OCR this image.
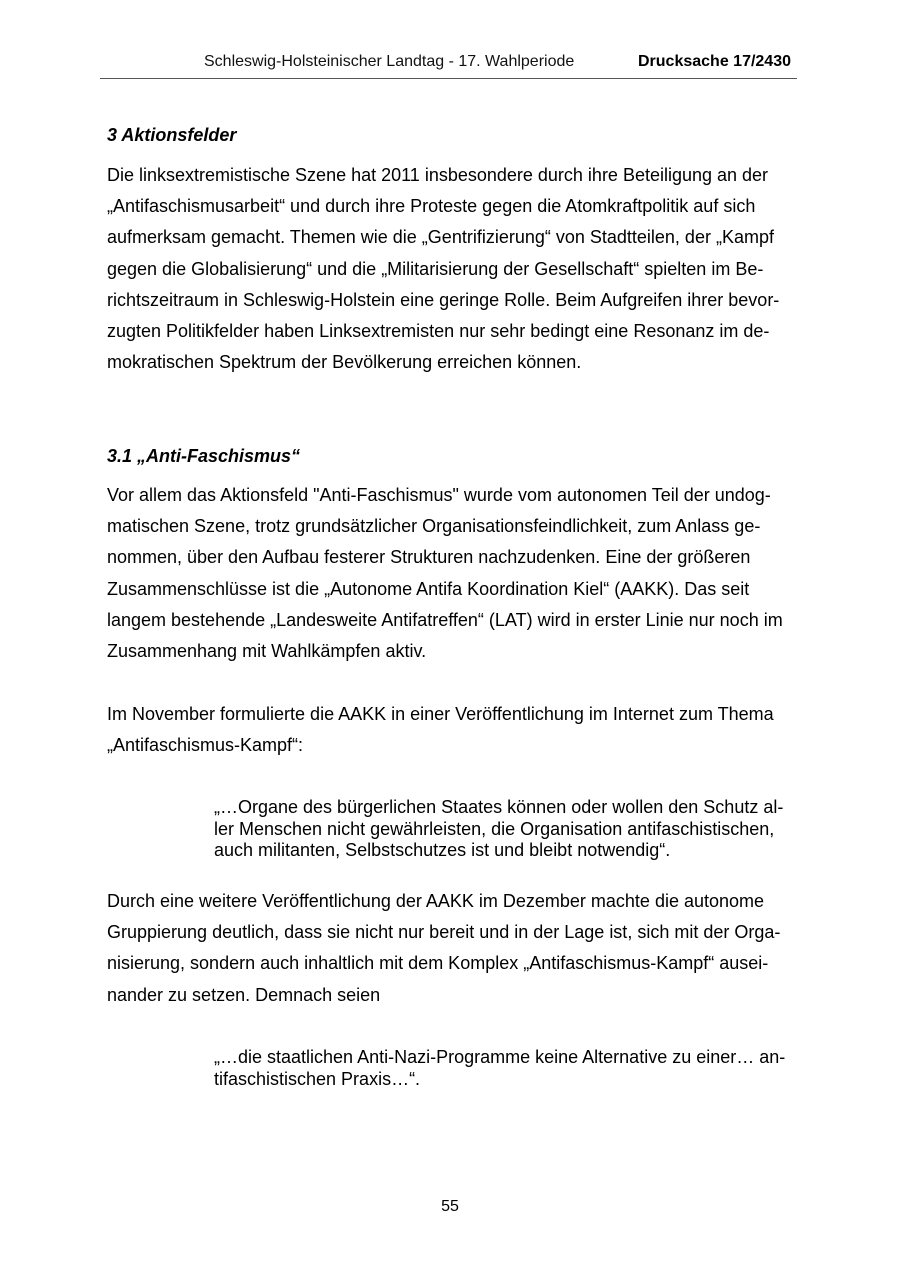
Schleswig-Holsteinischer Landtag - 17. Wahlperiode	Drucksache 17/2430
3 Aktionsfelder
Die linksextremistische Szene hat 2011 insbesondere durch ihre Beteiligung an der
„Antifaschismusarbeit“ und durch ihre Proteste gegen die Atomkraftpolitik auf sich
aufmerksam gemacht. Themen wie die „Gentrifizierung“ von Stadtteilen, der „Kampf
gegen die Globalisierung“ und die „Militarisierung der Gesellschaft“ spielten im Be-
richtszeitraum in Schleswig-Holstein eine geringe Rolle. Beim Aufgreifen ihrer bevor-
zugten Politikfelder haben Linksextremisten nur sehr bedingt eine Resonanz im de-
mokratischen Spektrum der Bevölkerung erreichen können.
3.1 „Anti-Faschismus“
Vor allem das Aktionsfeld "Anti-Faschismus" wurde vom autonomen Teil der undog-
matischen Szene, trotz grundsätzlicher Organisationsfeindlichkeit, zum Anlass ge-
nommen, über den Aufbau festerer Strukturen nachzudenken. Eine der größeren
Zusammenschlüsse ist die „Autonome Antifa Koordination Kiel“ (AAKK). Das seit
langem bestehende „Landesweite Antifatreffen“ (LAT) wird in erster Linie nur noch im
Zusammenhang mit Wahlkämpfen aktiv.
Im November formulierte die AAKK in einer Veröffentlichung im Internet zum Thema
„Antifaschismus-Kampf“:
„…Organe des bürgerlichen Staates können oder wollen den Schutz al-
ler Menschen nicht gewährleisten, die Organisation antifaschistischen,
auch militanten, Selbstschutzes ist und bleibt notwendig“.
Durch eine weitere Veröffentlichung der AAKK im Dezember machte die autonome
Gruppierung deutlich, dass sie nicht nur bereit und in der Lage ist, sich mit der Orga-
nisierung, sondern auch inhaltlich mit dem Komplex „Antifaschismus-Kampf“ ausei-
nander zu setzen. Demnach seien
„…die staatlichen Anti-Nazi-Programme keine Alternative zu einer… an-
tifaschistischen Praxis…“.
55
